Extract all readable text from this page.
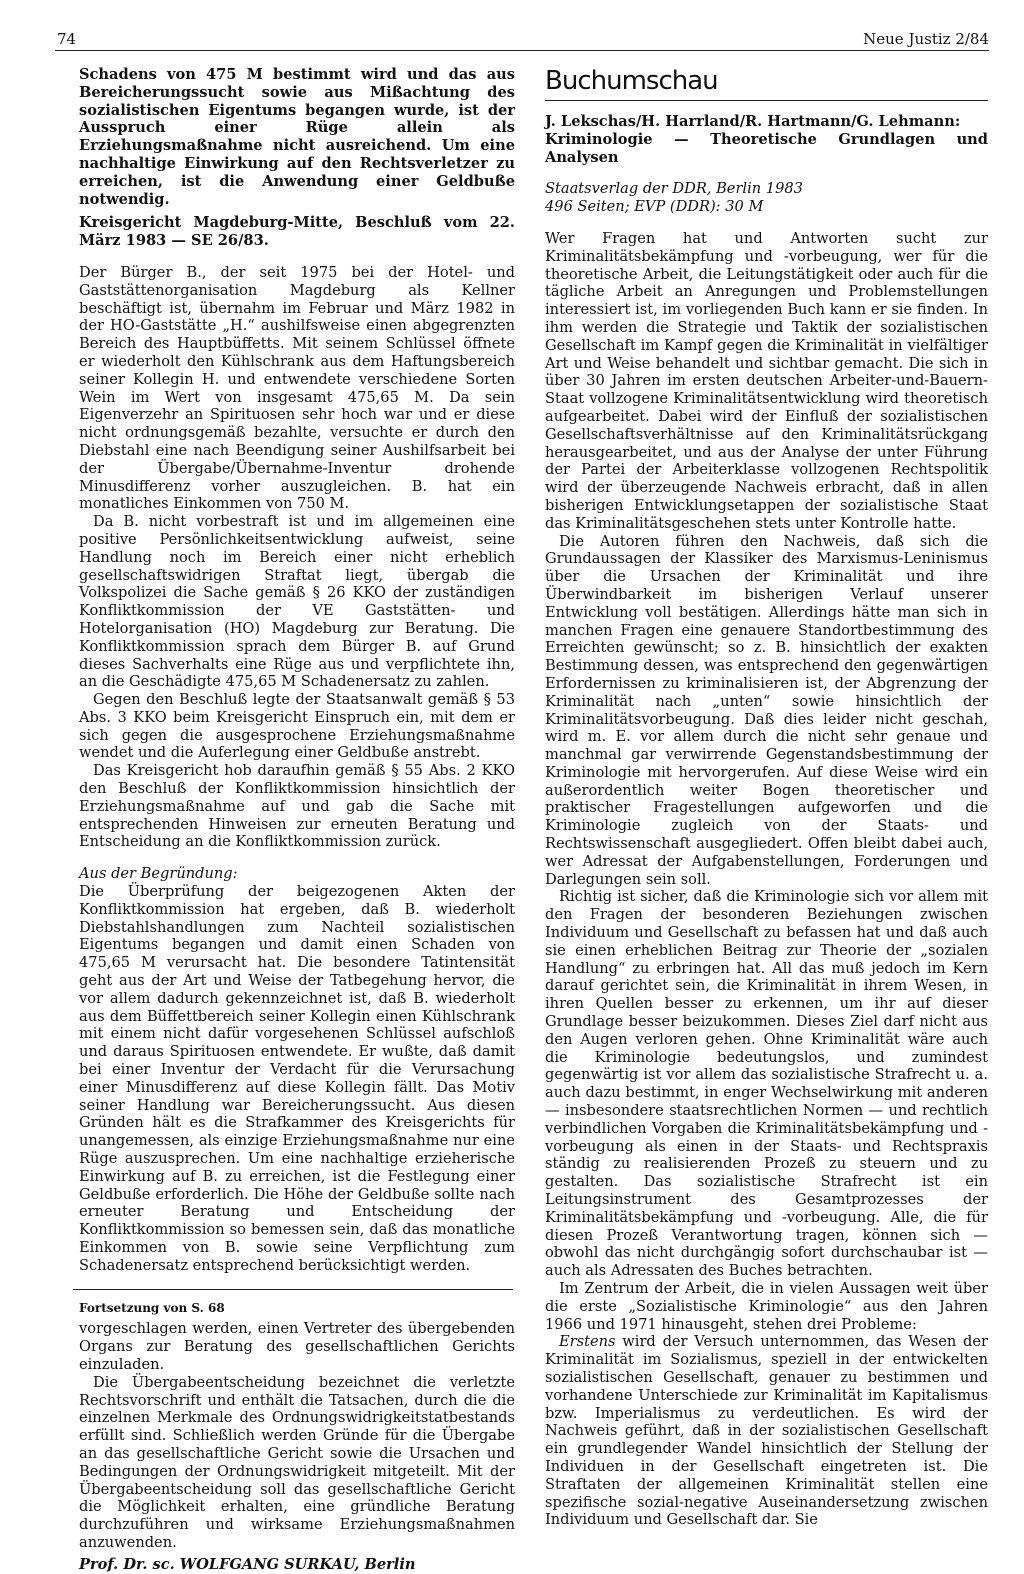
74	Neue Justiz 2/84

Schadens von 475 M bestimmt wird und das aus Bereicherungssucht sowie aus Mißachtung des sozialistischen Eigentums begangen wurde, ist der Ausspruch einer Rüge allein als Erziehungsmaßnahme nicht ausreichend. Um eine nachhaltige Einwirkung auf den Rechtsverletzer zu erreichen, ist die Anwendung einer Geldbuße notwendig.

Kreisgericht Magdeburg-Mitte, Beschluß vom 22. März 1983 — SE 26/83.

Der Bürger B., der seit 1975 bei der Hotel- und Gaststättenorganisation Magdeburg als Kellner beschäftigt ist, übernahm im Februar und März 1982 in der HO-Gaststätte „H.“ aushilfsweise einen abgegrenzten Bereich des Hauptbüffetts. Mit seinem Schlüssel öffnete er wiederholt den Kühlschrank aus dem Haftungsbereich seiner Kollegin H. und entwendete verschiedene Sorten Wein im Wert von insgesamt 475,65 M. Da sein Eigenverzehr an Spirituosen sehr hoch war und er diese nicht ordnungsgemäß bezahlte, versuchte er durch den Diebstahl eine nach Beendigung seiner Aushilfsarbeit bei der Übergabe/Übernahme-Inventur drohende Minusdifferenz vorher auszugleichen. B. hat ein monatliches Einkommen von 750 M.

Da B. nicht vorbestraft ist und im allgemeinen eine positive Persönlichkeitsentwicklung aufweist, seine Handlung noch im Bereich einer nicht erheblich gesellschaftswidrigen Straftat liegt, übergab die Volkspolizei die Sache gemäß § 26 KKO der zuständigen Konfliktkommission der VE Gaststätten- und Hotelorganisation (HO) Magdeburg zur Beratung. Die Konfliktkommission sprach dem Bürger B. auf Grund dieses Sachverhalts eine Rüge aus und verpflichtete ihn, an die Geschädigte 475,65 M Schadenersatz zu zahlen.

Gegen den Beschluß legte der Staatsanwalt gemäß § 53 Abs. 3 KKO beim Kreisgericht Einspruch ein, mit dem er sich gegen die ausgesprochene Erziehungsmaßnahme wendet und die Auferlegung einer Geldbuße anstrebt.

Das Kreisgericht hob daraufhin gemäß § 55 Abs. 2 KKO den Beschluß der Konfliktkommission hinsichtlich der Erziehungsmaßnahme auf und gab die Sache mit entsprechenden Hinweisen zur erneuten Beratung und Entscheidung an die Konfliktkommission zurück.

Aus der Begründung:

Die Überprüfung der beigezogenen Akten der Konfliktkommission hat ergeben, daß B. wiederholt Diebstahlshandlungen zum Nachteil sozialistischen Eigentums begangen und damit einen Schaden von 475,65 M verursacht hat. Die besondere Tatintensität geht aus der Art und Weise der Tatbegehung hervor, die vor allem dadurch gekennzeichnet ist, daß B. wiederholt aus dem Büffettbereich seiner Kollegin einen Kühlschrank mit einem nicht dafür vorgesehenen Schlüssel aufschloß und daraus Spirituosen entwendete. Er wußte, daß damit bei einer Inventur der Verdacht für die Verursachung einer Minusdifferenz auf diese Kollegin fällt. Das Motiv seiner Handlung war Bereicherungssucht. Aus diesen Gründen hält es die Strafkammer des Kreisgerichts für unangemessen, als einzige Erziehungsmaßnahme nur eine Rüge auszusprechen. Um eine nachhaltige erzieherische Einwirkung auf B. zu erreichen, ist die Festlegung einer Geldbuße erforderlich. Die Höhe der Geldbuße sollte nach erneuter Beratung und Entscheidung der Konfliktkommission so bemessen sein, daß das monatliche Einkommen von B. sowie seine Verpflichtung zum Schadenersatz entsprechend berücksichtigt werden.

Fortsetzung von S. 68

vorgeschlagen werden, einen Vertreter des übergebenden Organs zur Beratung des gesellschaftlichen Gerichts einzuladen.

Die Übergabeentscheidung bezeichnet die verletzte Rechtsvorschrift und enthält die Tatsachen, durch die die einzelnen Merkmale des Ordnungswidrigkeitstatbestands erfüllt sind. Schließlich werden Gründe für die Übergabe an das gesellschaftliche Gericht sowie die Ursachen und Bedingungen der Ordnungswidrigkeit mitgeteilt. Mit der Übergabeentscheidung soll das gesellschaftliche Gericht die Möglichkeit erhalten, eine gründliche Beratung durchzuführen und wirksame Erziehungsmaßnahmen anzuwenden.

Prof. Dr. sc. WOLFGANG SURKAU, Berlin

Buchumschau

J. Lekschas/H. Harrland/R. Hartmann/G. Lehmann:

Kriminologie — Theoretische Grundlagen und Analysen

Staatsverlag der DDR, Berlin 1983

496 Seiten; EVP (DDR): 30 M

Wer Fragen hat und Antworten sucht zur Kriminalitätsbekämpfung und -vorbeugung, wer für die theoretische Arbeit, die Leitungstätigkeit oder auch für die tägliche Arbeit an Anregungen und Problemstellungen interessiert ist, im vorliegenden Buch kann er sie finden. In ihm werden die Strategie und Taktik der sozialistischen Gesellschaft im Kampf gegen die Kriminalität in vielfältiger Art und Weise behandelt und sichtbar gemacht. Die sich in über 30 Jahren im ersten deutschen Arbeiter-und-Bauern-Staat vollzogene Kriminalitätsentwicklung wird theoretisch aufgearbeitet. Dabei wird der Einfluß der sozialistischen Gesellschaftsverhältnisse auf den Kriminalitätsrückgang herausgearbeitet, und aus der Analyse der unter Führung der Partei der Arbeiterklasse vollzogenen Rechtspolitik wird der überzeugende Nachweis erbracht, daß in allen bisherigen Entwicklungsetappen der sozialistische Staat das Kriminalitätsgeschehen stets unter Kontrolle hatte.

Die Autoren führen den Nachweis, daß sich die Grundaussagen der Klassiker des Marxismus-Leninismus über die Ursachen der Kriminalität und ihre Überwindbarkeit im bisherigen Verlauf unserer Entwicklung voll bestätigen. Allerdings hätte man sich in manchen Fragen eine genauere Standortbestimmung des Erreichten gewünscht; so z. B. hinsichtlich der exakten Bestimmung dessen, was entsprechend den gegenwärtigen Erfordernissen zu kriminalisieren ist, der Abgrenzung der Kriminalität nach „unten“ sowie hinsichtlich der Kriminalitätsvorbeugung. Daß dies leider nicht geschah, wird m. E. vor allem durch die nicht sehr genaue und manchmal gar verwirrende Gegenstandsbestimmung der Kriminologie mit hervorgerufen. Auf diese Weise wird ein außerordentlich weiter Bogen theoretischer und praktischer Fragestellungen aufgeworfen und die Kriminologie zugleich von der Staats- und Rechtswissenschaft ausgegliedert. Offen bleibt dabei auch, wer Adressat der Aufgabenstellungen, Forderungen und Darlegungen sein soll.

Richtig ist sicher, daß die Kriminologie sich vor allem mit den Fragen der besonderen Beziehungen zwischen Individuum und Gesellschaft zu befassen hat und daß auch sie einen erheblichen Beitrag zur Theorie der „sozialen Handlung“ zu erbringen hat. All das muß jedoch im Kern darauf gerichtet sein, die Kriminalität in ihrem Wesen, in ihren Quellen besser zu erkennen, um ihr auf dieser Grundlage besser beizukommen. Dieses Ziel darf nicht aus den Augen verloren gehen. Ohne Kriminalität wäre auch die Kriminologie bedeutungslos, und zumindest gegenwärtig ist vor allem das sozialistische Strafrecht u. a. auch dazu bestimmt, in enger Wechselwirkung mit anderen — insbesondere staatsrechtlichen Normen — und rechtlich verbindlichen Vorgaben die Kriminalitätsbekämpfung und -vorbeugung als einen in der Staats- und Rechtspraxis ständig zu realisierenden Prozeß zu steuern und zu gestalten. Das sozialistische Strafrecht ist ein Leitungsinstrument des Gesamtprozesses der Kriminalitätsbekämpfung und -vorbeugung. Alle, die für diesen Prozeß Verantwortung tragen, können sich — obwohl das nicht durchgängig sofort durchschaubar ist — auch als Adressaten des Buches betrachten.

Im Zentrum der Arbeit, die in vielen Aussagen weit über die erste „Sozialistische Kriminologie“ aus den Jahren 1966 und 1971 hinausgeht, stehen drei Probleme:

Erstens wird der Versuch unternommen, das Wesen der Kriminalität im Sozialismus, speziell in der entwickelten sozialistischen Gesellschaft, genauer zu bestimmen und vorhandene Unterschiede zur Kriminalität im Kapitalismus bzw. Imperialismus zu verdeutlichen. Es wird der Nachweis geführt, daß in der sozialistischen Gesellschaft ein grundlegender Wandel hinsichtlich der Stellung der Individuen in der Gesellschaft eingetreten ist. Die Straftaten der allgemeinen Kriminalität stellen eine spezifische sozial-negative Auseinandersetzung zwischen Individuum und Gesellschaft dar. Sie
